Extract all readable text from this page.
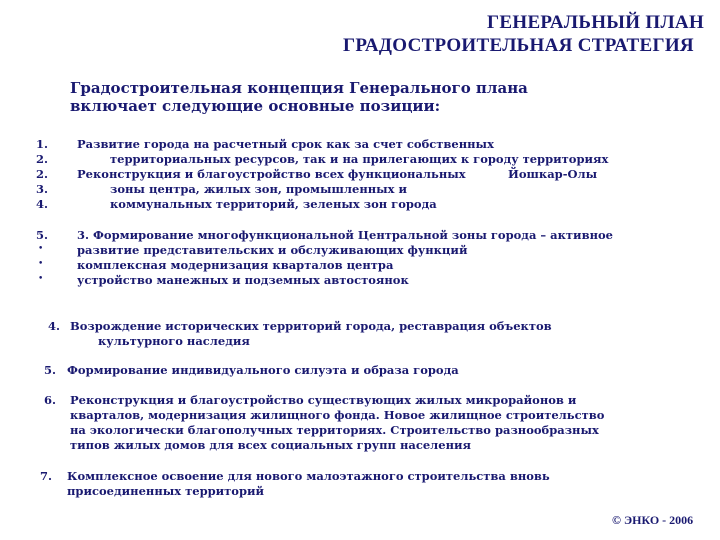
ГЕНЕРАЛЬНЫЙ ПЛАН
ГРАДОСТРОИТЕЛЬНАЯ СТРАТЕГИЯ
Градостроительная концепция Генерального плана
включает следующие основные позиции:
1.
2.
2.
3.
4.
Развитие города на расчетный срок как за счет собственных
территориальных ресурсов, так и на прилегающих к городу территориях
Реконструкция и благоустройство всех функциональных	Йошкар-Олы
зоны центра, жилых зон, промышленных и
коммунальных территорий, зеленых зон города
5.
•
•
•
3. Формирование многофункциональной Центральной зоны города – активное
развитие представительских и обслуживающих функций
комплексная модернизация кварталов центра
устройство манежных и подземных автостоянок
4. Возрождение исторических территорий города, реставрация объектов
культурного наследия
5. Формирование индивидуального силуэта и образа города
6. Реконструкция и благоустройство существующих жилых микрорайонов и
кварталов, модернизация жилищного фонда. Новое жилищное строительство
на экологически благополучных территориях. Строительство разнообразных
типов жилых домов для всех социальных групп населения
7. Комплексное освоение для нового малоэтажного строительства вновь
присоединенных территорий
© ЭНКО - 2006
